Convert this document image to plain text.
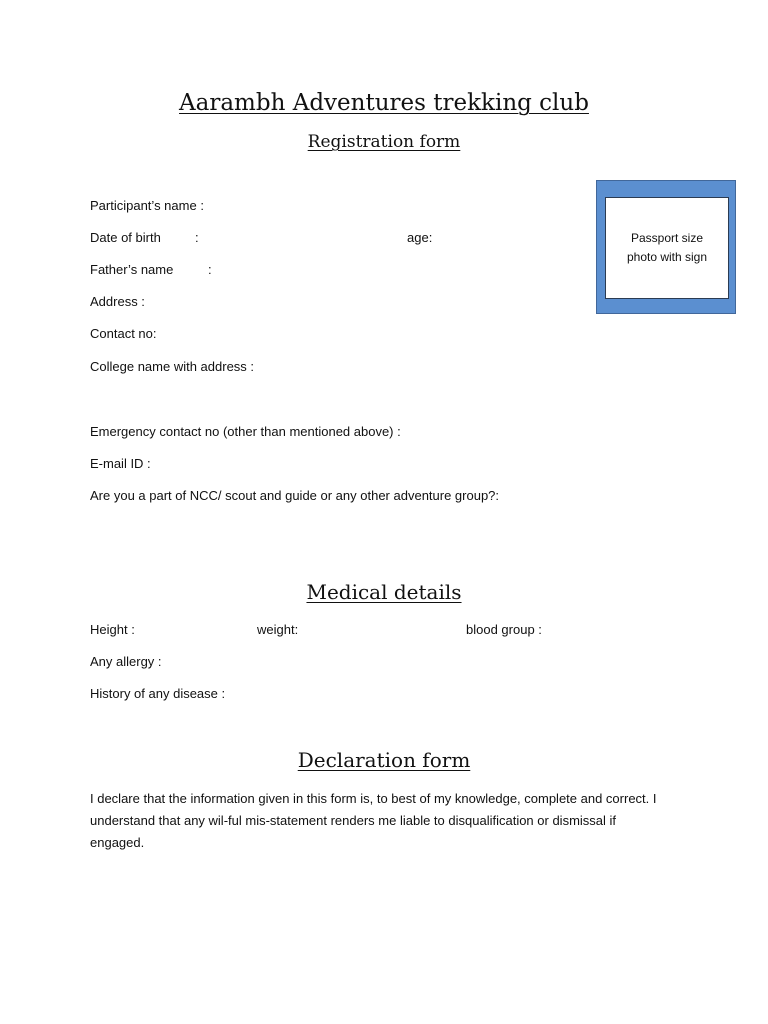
Aarambh Adventures trekking club
Registration form
Passport size
photo with sign
Participant’s name :
Date of birth	:	age:
Father’s name	:
Address :
Contact no:
College name with address :
Emergency contact no (other than mentioned above) :
E-mail ID :
Are you a part of NCC/ scout and guide or any other adventure group?:
Medical details
Height :	weight:	blood group :
Any allergy :
History of any disease :
Declaration form
I declare that the information given in this form is, to best of my knowledge, complete and correct. I understand that any wil-ful mis-statement renders me liable to disqualification or dismissal if engaged.
